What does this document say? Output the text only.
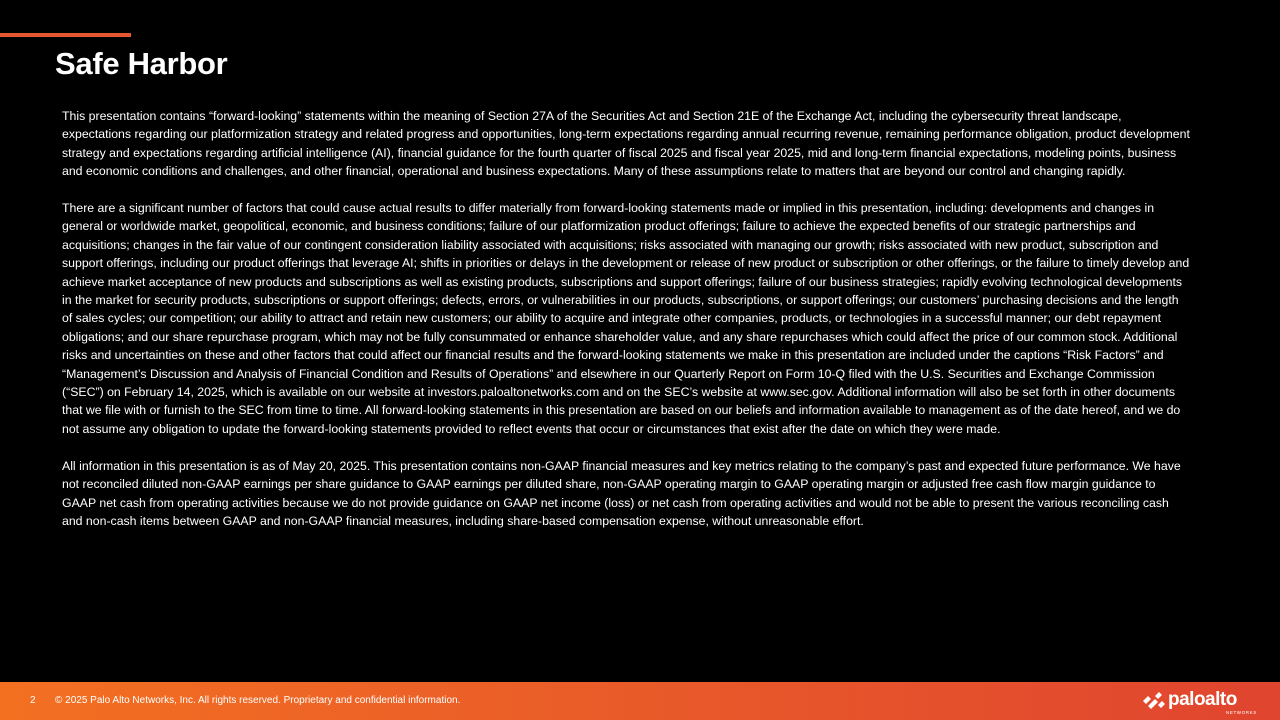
Safe Harbor

This presentation contains “forward-looking” statements within the meaning of Section 27A of the Securities Act and Section 21E of the Exchange Act, including the cybersecurity threat landscape, expectations regarding our platformization strategy and related progress and opportunities, long-term expectations regarding annual recurring revenue, remaining performance obligation, product development strategy and expectations regarding artificial intelligence (AI), financial guidance for the fourth quarter of fiscal 2025 and fiscal year 2025, mid and long-term financial expectations, modeling points, business and economic conditions and challenges, and other financial, operational and business expectations. Many of these assumptions relate to matters that are beyond our control and changing rapidly.

There are a significant number of factors that could cause actual results to differ materially from forward-looking statements made or implied in this presentation, including: developments and changes in general or worldwide market, geopolitical, economic, and business conditions; failure of our platformization product offerings; failure to achieve the expected benefits of our strategic partnerships and acquisitions; changes in the fair value of our contingent consideration liability associated with acquisitions; risks associated with managing our growth; risks associated with new product, subscription and support offerings, including our product offerings that leverage AI; shifts in priorities or delays in the development or release of new product or subscription or other offerings, or the failure to timely develop and achieve market acceptance of new products and subscriptions as well as existing products, subscriptions and support offerings; failure of our business strategies; rapidly evolving technological developments in the market for security products, subscriptions or support offerings; defects, errors, or vulnerabilities in our products, subscriptions, or support offerings; our customers’ purchasing decisions and the length of sales cycles; our competition; our ability to attract and retain new customers; our ability to acquire and integrate other companies, products, or technologies in a successful manner; our debt repayment obligations; and our share repurchase program, which may not be fully consummated or enhance shareholder value, and any share repurchases which could affect the price of our common stock. Additional risks and uncertainties on these and other factors that could affect our financial results and the forward-looking statements we make in this presentation are included under the captions “Risk Factors” and “Management’s Discussion and Analysis of Financial Condition and Results of Operations” and elsewhere in our Quarterly Report on Form 10-Q filed with the U.S. Securities and Exchange Commission (“SEC”) on February 14, 2025, which is available on our website at investors.paloaltonetworks.com and on the SEC’s website at www.sec.gov. Additional information will also be set forth in other documents that we file with or furnish to the SEC from time to time. All forward-looking statements in this presentation are based on our beliefs and information available to management as of the date hereof, and we do not assume any obligation to update the forward-looking statements provided to reflect events that occur or circumstances that exist after the date on which they were made.

All information in this presentation is as of May 20, 2025. This presentation contains non-GAAP financial measures and key metrics relating to the company’s past and expected future performance. We have not reconciled diluted non-GAAP earnings per share guidance to GAAP earnings per diluted share, non-GAAP operating margin to GAAP operating margin or adjusted free cash flow margin guidance to GAAP net cash from operating activities because we do not provide guidance on GAAP net income (loss) or net cash from operating activities and would not be able to present the various reconciling cash and non-cash items between GAAP and non-GAAP financial measures, including share-based compensation expense, without unreasonable effort.

2 © 2025 Palo Alto Networks, Inc. All rights reserved. Proprietary and confidential information.	paloalto
NETWORKS
